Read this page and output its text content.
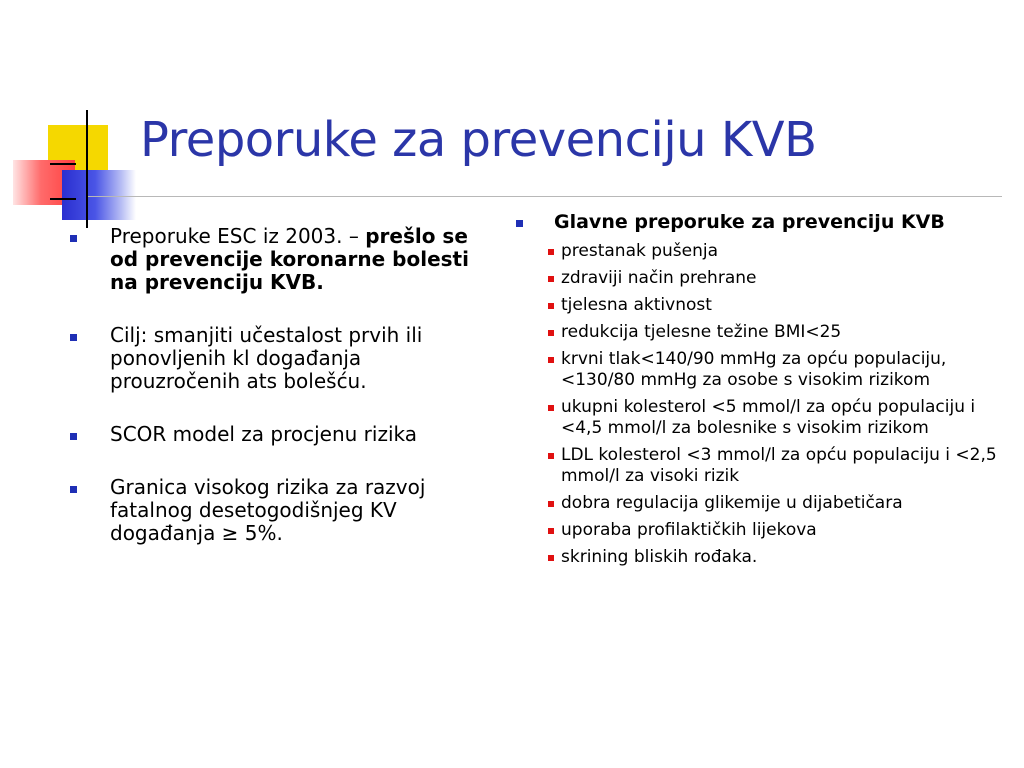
Preporuke za prevenciju KVB
Preporuke ESC iz 2003. – prešlo se od prevencije koronarne bolesti na prevenciju KVB.
Cilj: smanjiti učestalost prvih ili ponovljenih kl događanja prouzročenih ats bolešću.
SCOR model za procjenu rizika
Granica visokog rizika za razvoj fatalnog desetogodišnjeg KV događanja ≥ 5%.
Glavne preporuke za prevenciju KVB
prestanak pušenja
zdraviji način prehrane
tjelesna aktivnost
redukcija tjelesne težine BMI<25
krvni tlak<140/90 mmHg za opću populaciju, <130/80 mmHg za osobe s visokim rizikom
ukupni kolesterol <5 mmol/l za opću populaciju i <4,5 mmol/l za bolesnike s visokim rizikom
LDL kolesterol <3 mmol/l za opću populaciju i <2,5 mmol/l za visoki rizik
dobra regulacija glikemije u dijabetičara
uporaba profilaktičkih lijekova
skrining bliskih rođaka.
